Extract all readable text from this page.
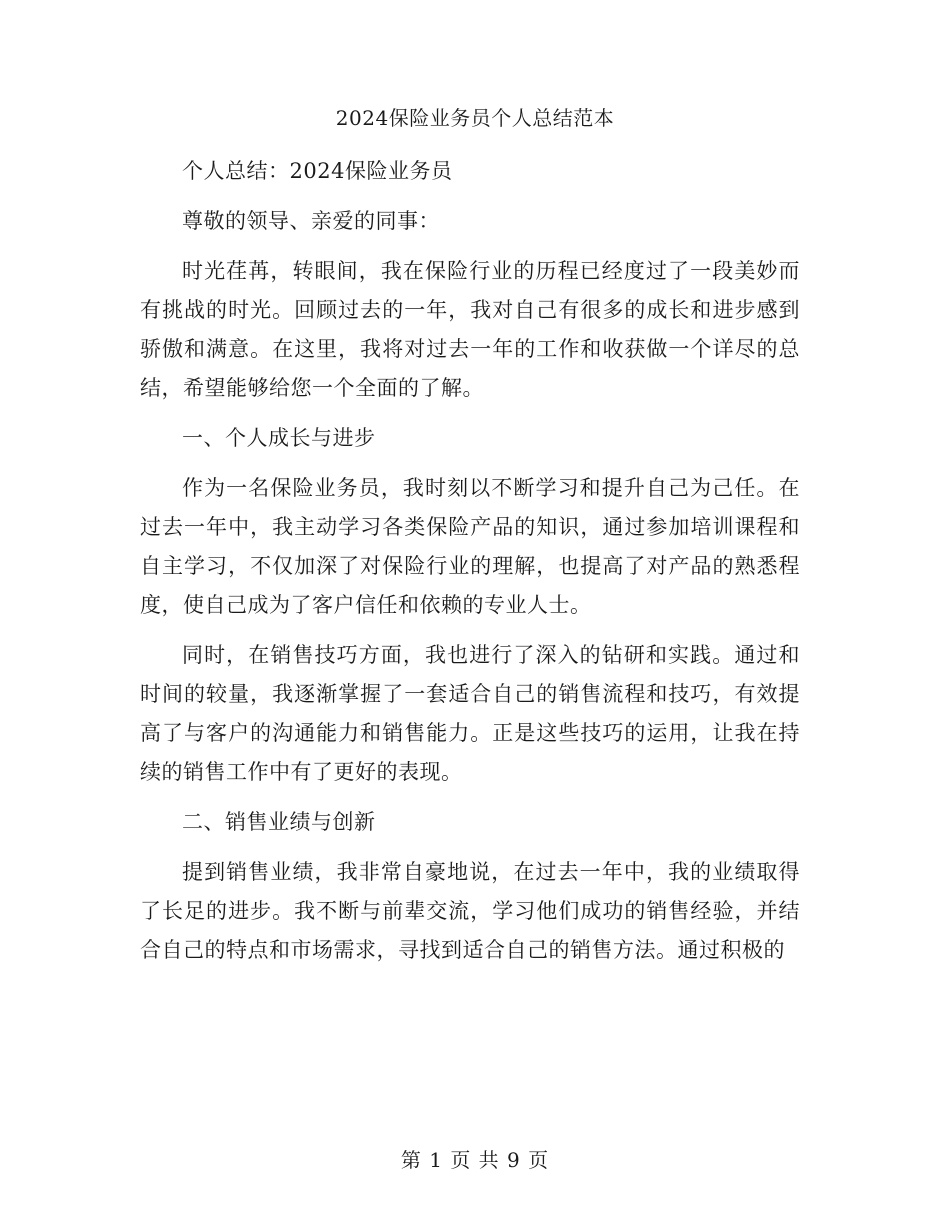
2024保险业务员个人总结范本

个人总结：2024保险业务员

尊敬的领导、亲爱的同事：

时光荏苒，转眼间，我在保险行业的历程已经度过了一段美妙而有挑战的时光。回顾过去的一年，我对自己有很多的成长和进步感到骄傲和满意。在这里，我将对过去一年的工作和收获做一个详尽的总结，希望能够给您一个全面的了解。

一、个人成长与进步

作为一名保险业务员，我时刻以不断学习和提升自己为己任。在过去一年中，我主动学习各类保险产品的知识，通过参加培训课程和自主学习，不仅加深了对保险行业的理解，也提高了对产品的熟悉程度，使自己成为了客户信任和依赖的专业人士。

同时，在销售技巧方面，我也进行了深入的钻研和实践。通过和时间的较量，我逐渐掌握了一套适合自己的销售流程和技巧，有效提高了与客户的沟通能力和销售能力。正是这些技巧的运用，让我在持续的销售工作中有了更好的表现。

二、销售业绩与创新

提到销售业绩，我非常自豪地说，在过去一年中，我的业绩取得了长足的进步。我不断与前辈交流，学习他们成功的销售经验，并结合自己的特点和市场需求，寻找到适合自己的销售方法。通过积极的

第 1 页 共 9 页
